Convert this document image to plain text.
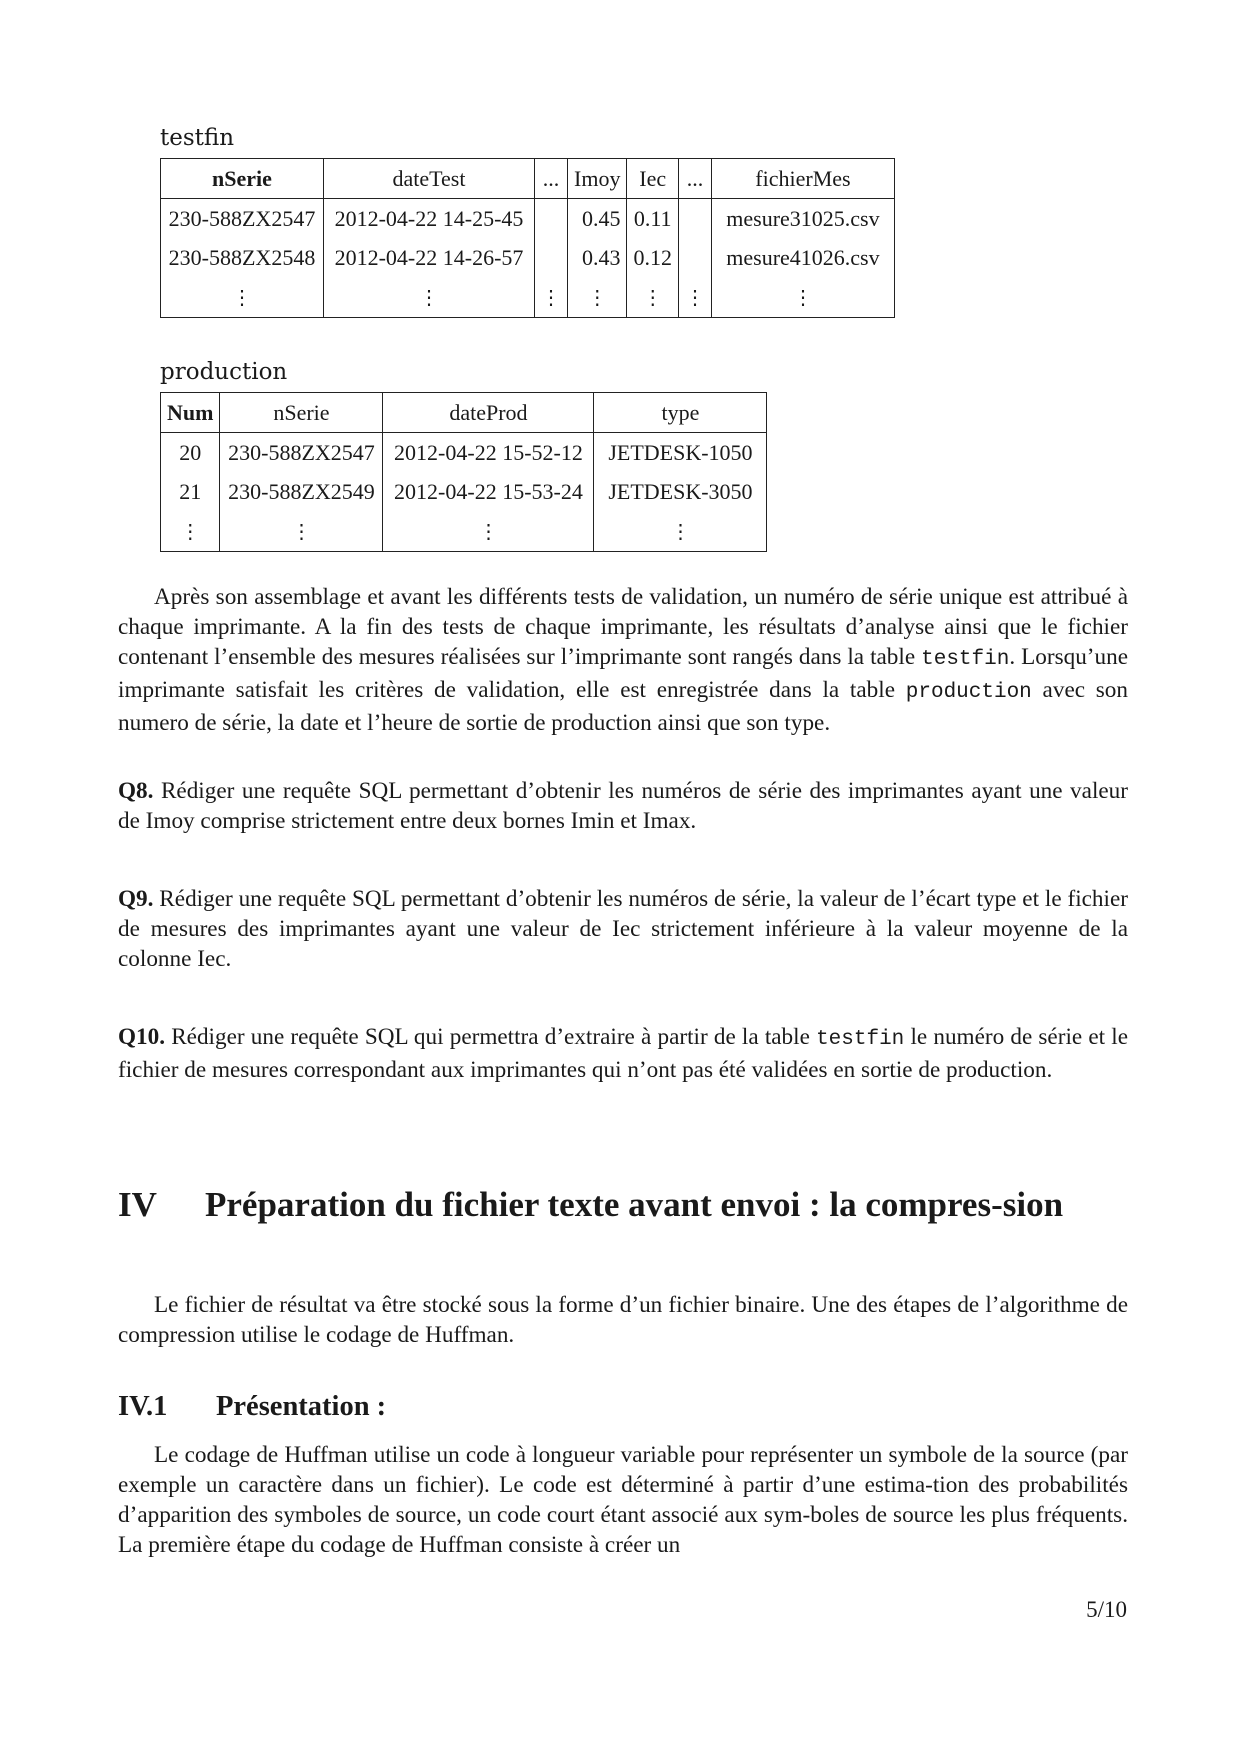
testfin
nSerie	dateTest	...	Imoy	Iec	...	fichierMes
230-588ZX2547	2012-04-22 14-25-45		0.45	0.11		mesure31025.csv
230-588ZX2548	2012-04-22 14-26-57		0.43	0.12		mesure41026.csv
⋮	⋮	⋮	⋮	⋮	⋮	⋮
production
Num	nSerie	dateProd	type
20	230-588ZX2547	2012-04-22 15-52-12	JETDESK-1050
21	230-588ZX2549	2012-04-22 15-53-24	JETDESK-3050
⋮	⋮	⋮	⋮

Après son assemblage et avant les différents tests de validation, un numéro de série unique est attribué à chaque imprimante. A la fin des tests de chaque imprimante, les résultats d’analyse ainsi que le fichier contenant l’ensemble des mesures réalisées sur l’imprimante sont rangés dans la table testfin. Lorsqu’une imprimante satisfait les critères de validation, elle est enregistrée dans la table production avec son numero de série, la date et l’heure de sortie de production ainsi que son type.

Q8. Rédiger une requête SQL permettant d’obtenir les numéros de série des imprimantes ayant une valeur de Imoy comprise strictement entre deux bornes Imin et Imax.

Q9. Rédiger une requête SQL permettant d’obtenir les numéros de série, la valeur de l’écart type et le fichier de mesures des imprimantes ayant une valeur de Iec strictement inférieure à la valeur moyenne de la colonne Iec.

Q10. Rédiger une requête SQL qui permettra d’extraire à partir de la table testfin le numéro de série et le fichier de mesures correspondant aux imprimantes qui n’ont pas été validées en sortie de production.

IV Préparation du fichier texte avant envoi : la compres-sion

Le fichier de résultat va être stocké sous la forme d’un fichier binaire. Une des étapes de l’algorithme de compression utilise le codage de Huffman.

IV.1 Présentation :

Le codage de Huffman utilise un code à longueur variable pour représenter un symbole de la source (par exemple un caractère dans un fichier). Le code est déterminé à partir d’une estima-tion des probabilités d’apparition des symboles de source, un code court étant associé aux sym-boles de source les plus fréquents. La première étape du codage de Huffman consiste à créer un

5/10
